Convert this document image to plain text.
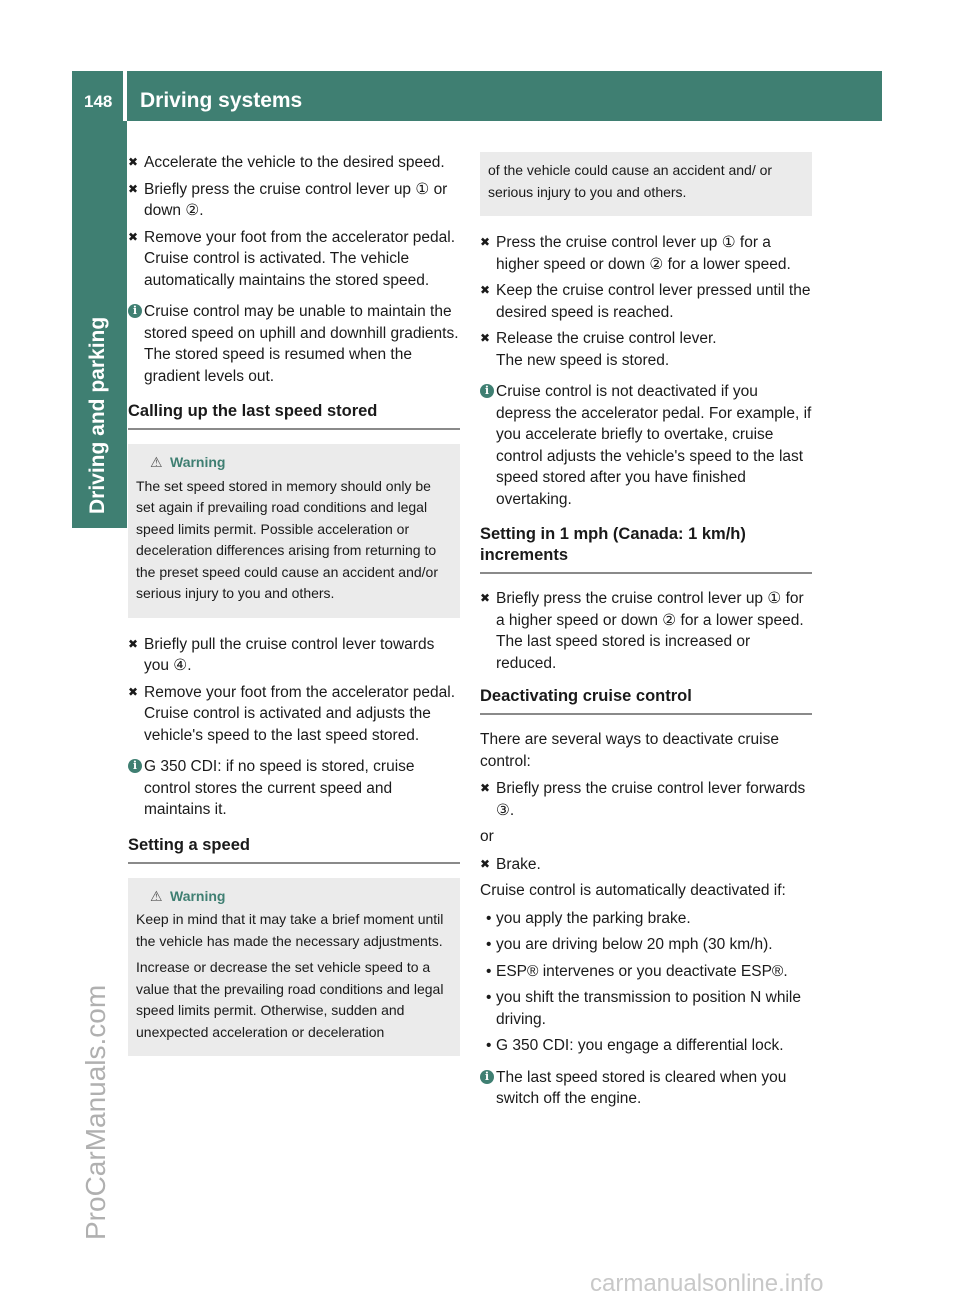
148 Driving systems
Driving and parking
ProCarManuals.com
carmanualsonline.info
✖ Accelerate the vehicle to the desired speed.
✖ Briefly press the cruise control lever up ① or down ②.
✖ Remove your foot from the accelerator pedal.
Cruise control is activated. The vehicle automatically maintains the stored speed.
i Cruise control may be unable to maintain the stored speed on uphill and downhill gradients. The stored speed is resumed when the gradient levels out.
Calling up the last speed stored
⚠ Warning

The set speed stored in memory should only be set again if prevailing road conditions and legal speed limits permit. Possible acceleration or deceleration differences arising from returning to the preset speed could cause an accident and/or serious injury to you and others.

✖ Briefly pull the cruise control lever towards you ④.
✖ Remove your foot from the accelerator pedal.
Cruise control is activated and adjusts the vehicle's speed to the last speed stored.
i G 350 CDI: if no speed is stored, cruise control stores the current speed and maintains it.
Setting a speed
⚠ Warning

Keep in mind that it may take a brief moment until the vehicle has made the necessary adjustments.

Increase or decrease the set vehicle speed to a value that the prevailing road conditions and legal speed limits permit. Otherwise, sudden and unexpected acceleration or deceleration

of the vehicle could cause an accident and/ or serious injury to you and others.

✖ Press the cruise control lever up ① for a higher speed or down ② for a lower speed.
✖ Keep the cruise control lever pressed until the desired speed is reached.
✖ Release the cruise control lever.
The new speed is stored.
i Cruise control is not deactivated if you depress the accelerator pedal. For example, if you accelerate briefly to overtake, cruise control adjusts the vehicle's speed to the last speed stored after you have finished overtaking.
Setting in 1 mph (Canada: 1 km/h) increments
✖ Briefly press the cruise control lever up ① for a higher speed or down ② for a lower speed.
The last speed stored is increased or reduced.
Deactivating cruise control

There are several ways to deactivate cruise control:

✖ Briefly press the cruise control lever forwards ③.

or

✖ Brake.

Cruise control is automatically deactivated if:

• you apply the parking brake.
• you are driving below 20 mph (30 km/h).
• ESP® intervenes or you deactivate ESP®.
• you shift the transmission to position N while driving.
• G 350 CDI: you engage a differential lock.
i The last speed stored is cleared when you switch off the engine.
